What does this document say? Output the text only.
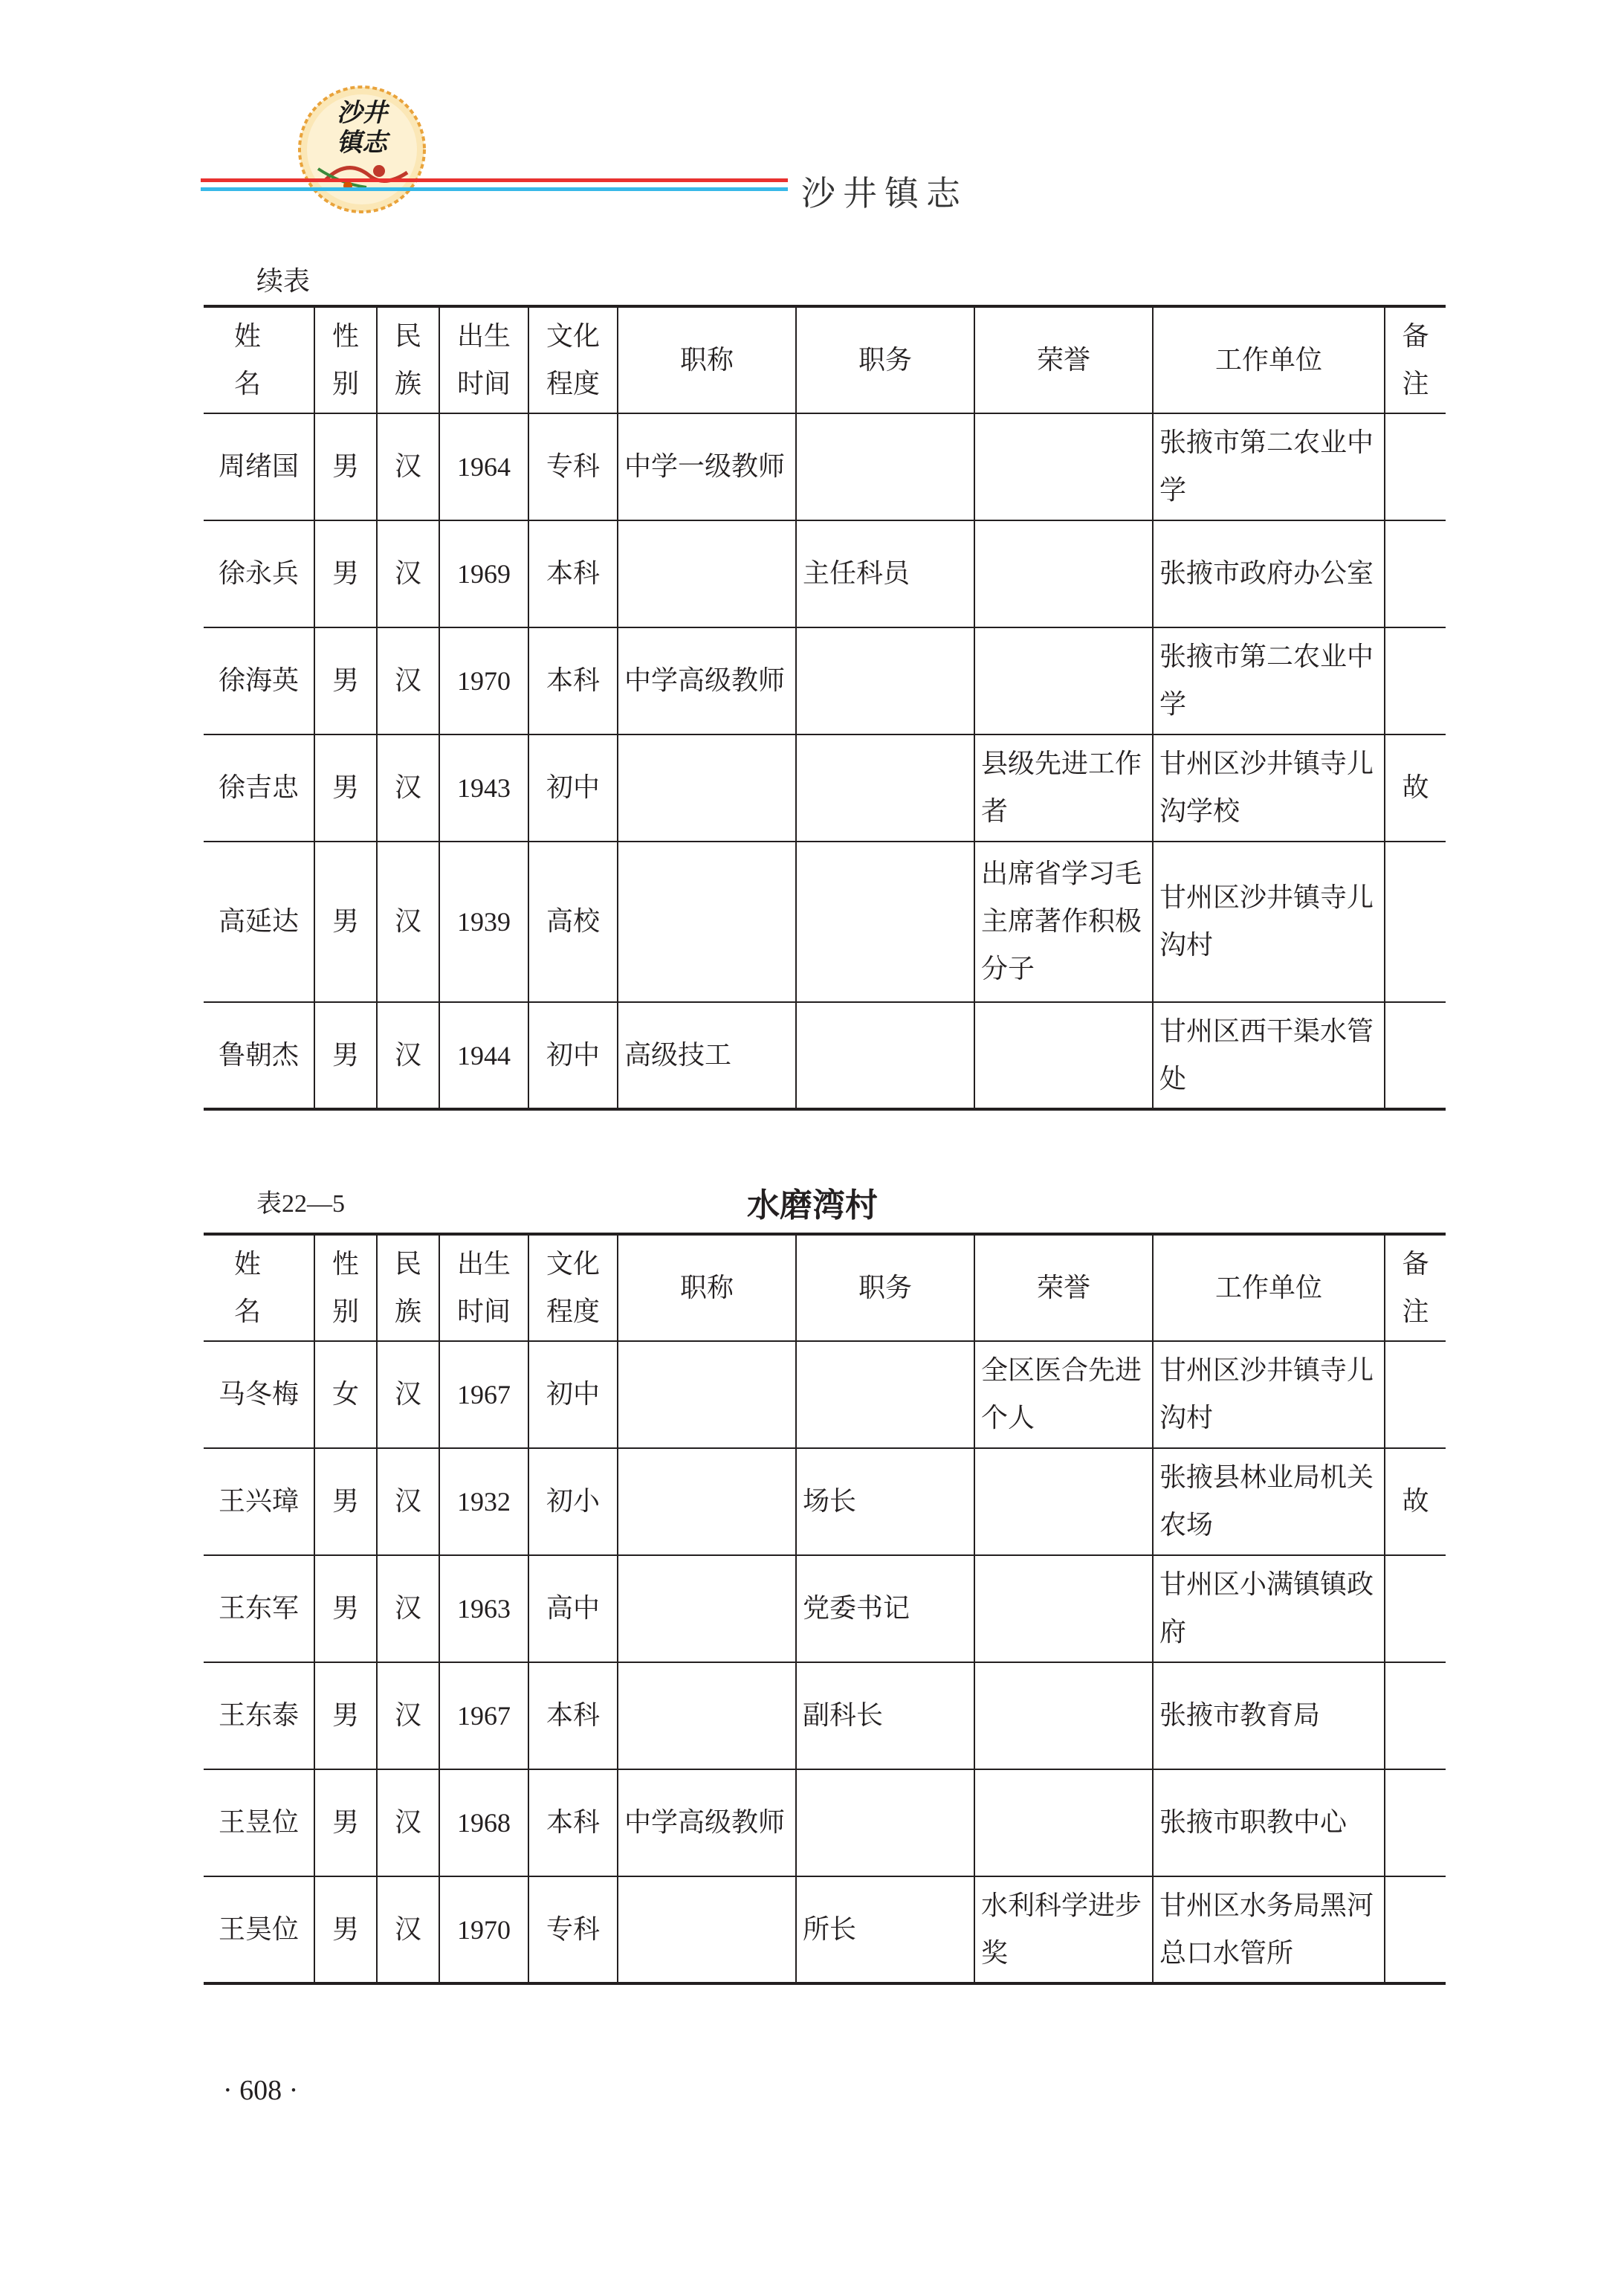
沙井
镇志
沙井镇志
续表
姓　名	性别	民族	出生时间	文化程度	职称	职务	荣誉	工作单位	备注
周绪国	男	汉	1964	专科	中学一级教师			张掖市第二农业中学	
徐永兵	男	汉	1969	本科		主任科员		张掖市政府办公室	
徐海英	男	汉	1970	本科	中学高级教师			张掖市第二农业中学	
徐吉忠	男	汉	1943	初中			县级先进工作者	甘州区沙井镇寺儿沟学校	故
高延达	男	汉	1939	高校			出席省学习毛主席著作积极分子	甘州区沙井镇寺儿沟村	
鲁朝杰	男	汉	1944	初中	高级技工			甘州区西干渠水管处	
表22—5	水磨湾村
姓　名	性别	民族	出生时间	文化程度	职称	职务	荣誉	工作单位	备注
马冬梅	女	汉	1967	初中			全区医合先进个人	甘州区沙井镇寺儿沟村	
王兴璋	男	汉	1932	初小		场长		张掖县林业局机关农场	故
王东军	男	汉	1963	高中		党委书记		甘州区小满镇镇政府	
王东泰	男	汉	1967	本科		副科长		张掖市教育局	
王昱位	男	汉	1968	本科	中学高级教师			张掖市职教中心	
王昊位	男	汉	1970	专科		所长	水利科学进步奖	甘州区水务局黑河总口水管所	
· 608 ·
